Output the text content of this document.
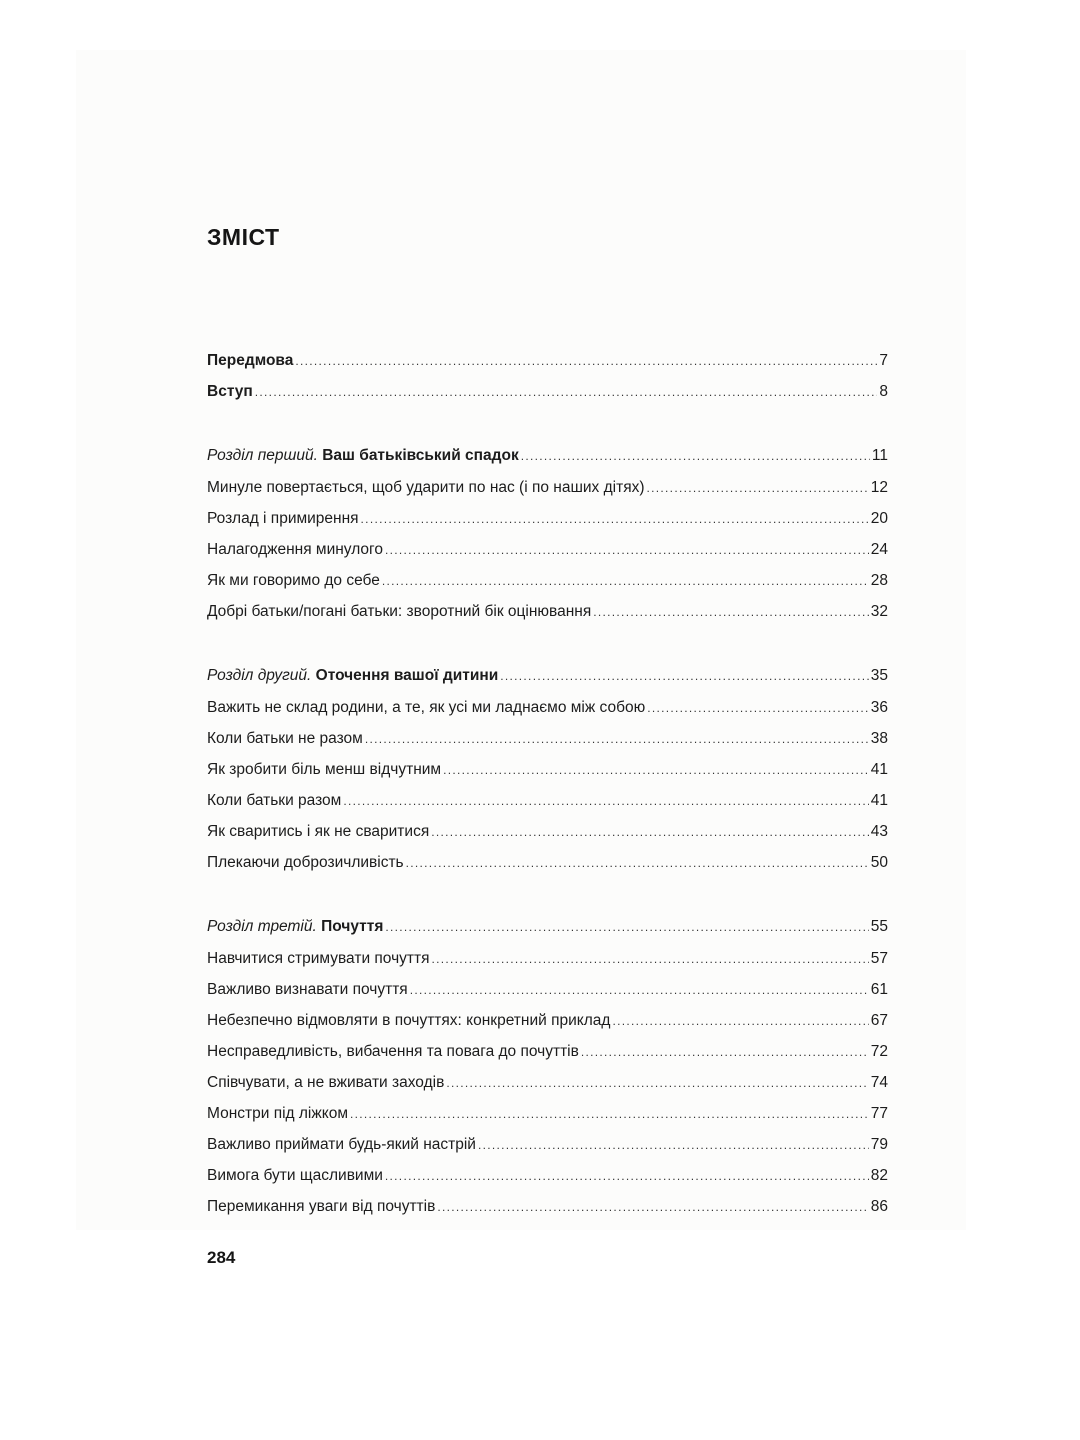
ЗМІСТ
Передмова .....	7
Вступ .....	8
Розділ перший. Ваш батьківський спадок .....	11
Минуле повертається, щоб ударити по нас (і по наших дітях) .....	12
Розлад і примирення .....	20
Налагодження минулого .....	24
Як ми говоримо до себе .....	28
Добрі батьки/погані батьки: зворотний бік оцінювання .....	32
Розділ другий. Оточення вашої дитини .....	35
Важить не склад родини, а те, як усі ми ладнаємо між собою .....	36
Коли батьки не разом .....	38
Як зробити біль менш відчутним .....	41
Коли батьки разом .....	41
Як сваритись і як не сваритися .....	43
Плекаючи доброзичливість .....	50
Розділ третій. Почуття .....	55
Навчитися стримувати почуття .....	57
Важливо визнавати почуття .....	61
Небезпечно відмовляти в почуттях: конкретний приклад .....	67
Несправедливість, вибачення та повага до почуттів .....	72
Співчувати, а не вживати заходів .....	74
Монстри під ліжком .....	77
Важливо приймати будь-який настрій .....	79
Вимога бути щасливими .....	82
Перемикання уваги від почуттів .....	86
284
